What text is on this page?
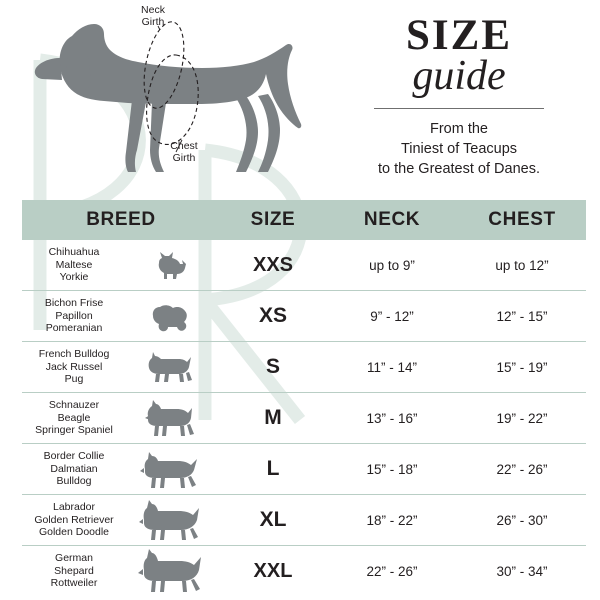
Neck
Girth
Chest
Girth
SIZE
guide
From the
Tiniest of Teacups
to the Greatest of Danes.
BREED		SIZE	NECK	CHEST
Chihuahua
Maltese
Yorkie		XXS	up to 9”	up to 12”
Bichon Frise
Papillon
Pomeranian		XS	9” - 12”	12” - 15”
French Bulldog
Jack Russel
Pug		S	11” - 14”	15” - 19”
Schnauzer
Beagle
Springer Spaniel		M	13” - 16”	19” - 22”
Border Collie
Dalmatian
Bulldog		L	15” - 18”	22” - 26”
Labrador
Golden Retriever
Golden Doodle		XL	18” - 22”	26” - 30”
German
Shepard
Rottweiler		XXL	22” - 26”	30” - 34”
